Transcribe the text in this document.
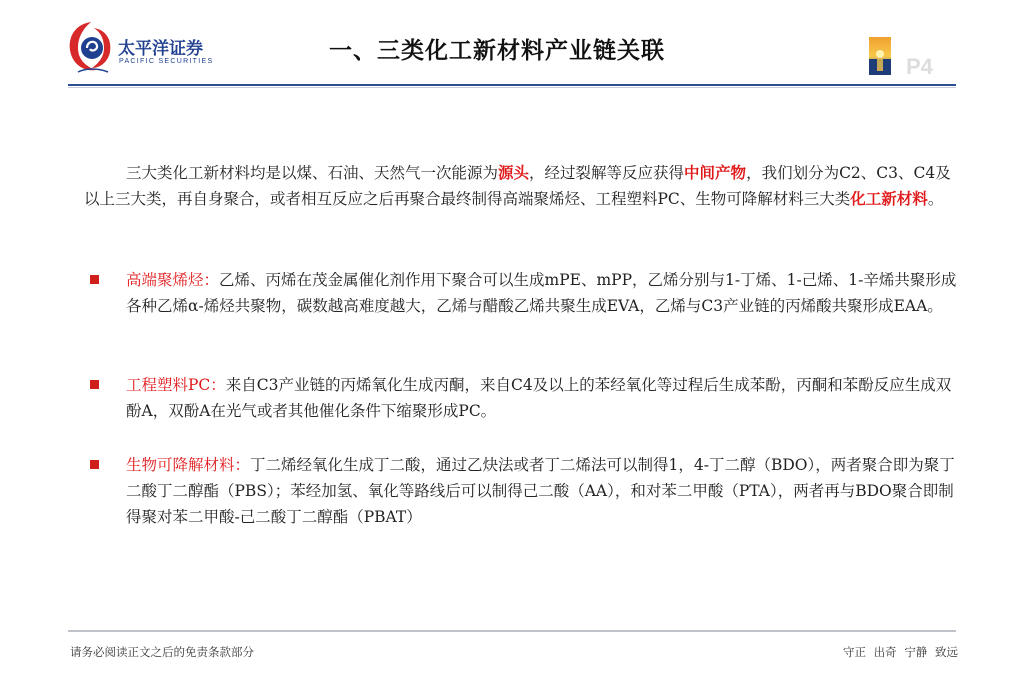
太平洋证券
PACIFIC SECURITIES	一、三类化工新材料产业链关联
P4

三大类化工新材料均是以煤、石油、天然气一次能源为源头，经过裂解等反应获得中间产物，我们划分为C2、C3、C4及以上三大类，再自身聚合，或者相互反应之后再聚合最终制得高端聚烯烃、工程塑料PC、生物可降解材料三大类化工新材料。

高端聚烯烃：乙烯、丙烯在茂金属催化剂作用下聚合可以生成mPE、mPP，乙烯分别与1-丁烯、1-己烯、1-辛烯共聚形成各种乙烯α-烯烃共聚物，碳数越高难度越大，乙烯与醋酸乙烯共聚生成EVA，乙烯与C3产业链的丙烯酸共聚形成EAA。
工程塑料PC：来自C3产业链的丙烯氧化生成丙酮，来自C4及以上的苯经氧化等过程后生成苯酚，丙酮和苯酚反应生成双酚A，双酚A在光气或者其他催化条件下缩聚形成PC。
生物可降解材料：丁二烯经氧化生成丁二酸，通过乙炔法或者丁二烯法可以制得1，4-丁二醇（BDO），两者聚合即为聚丁二酸丁二醇酯（PBS）；苯经加氢、氧化等路线后可以制得己二酸（AA），和对苯二甲酸（PTA），两者再与BDO聚合即制得聚对苯二甲酸-己二酸丁二醇酯（PBAT）
请务必阅读正文之后的免责条款部分	守正 出奇 宁静 致远
